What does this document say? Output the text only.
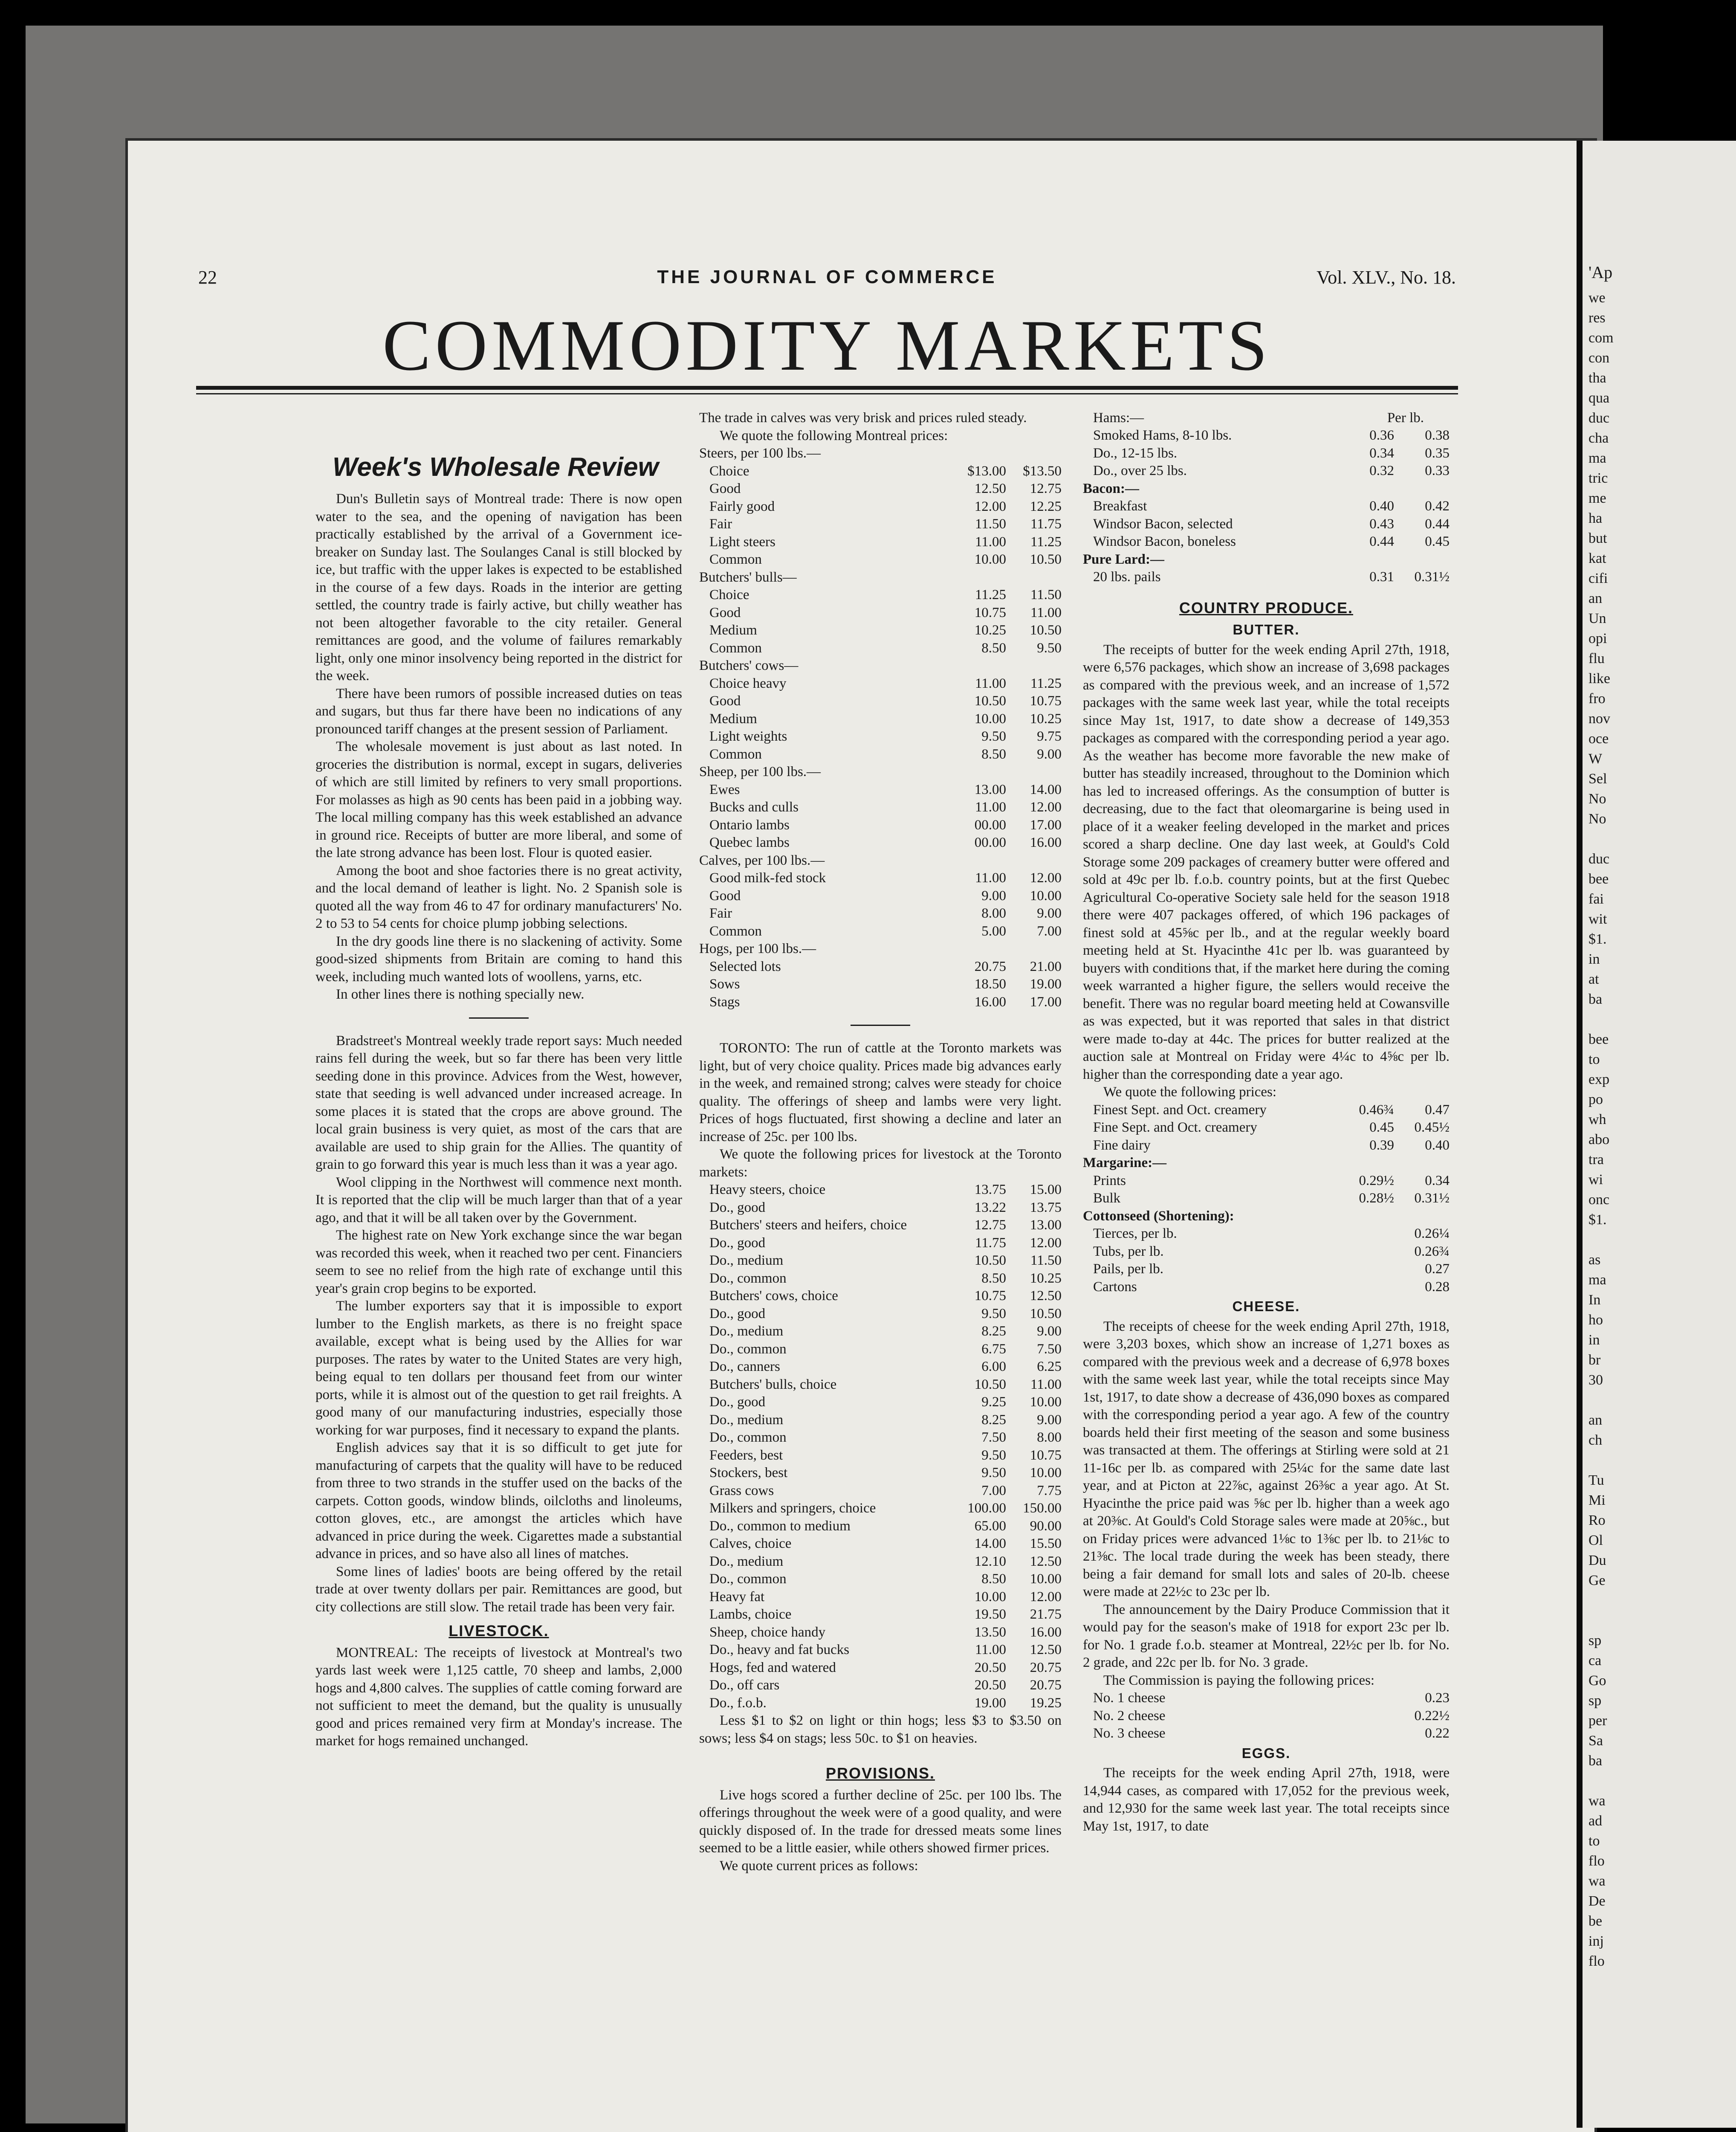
'Ap
we
res
com
con
tha
qua
duc
cha
ma
tric
me
ha
but
kat
cifi
an
Un
opi
flu
like
fro
nov
oce
W
Sel
No
No

duc
bee
fai
wit
$1.
in
at
ba

bee
to
exp
po
wh
abo
tra
wi
onc
$1.

as
ma
In
ho
in
br
30

an
ch

Tu
Mi
Ro
Ol
Du
Ge

sp
ca
Go
sp
per
Sa
ba

wa
ad
to
flo
wa
De
be
inj
flo
22	THE JOURNAL OF COMMERCE	Vol. XLV., No. 18.
COMMODITY MARKETS
Week's Wholesale Review

Dun's Bulletin says of Montreal trade: There is now open water to the sea, and the opening of navigation has been practically established by the arrival of a Government ice-breaker on Sunday last. The Soulanges Canal is still blocked by ice, but traffic with the upper lakes is expected to be established in the course of a few days. Roads in the interior are getting settled, the country trade is fairly active, but chilly weather has not been altogether favorable to the city retailer. General remittances are good, and the volume of failures remarkably light, only one minor insolvency being reported in the district for the week.

There have been rumors of possible increased duties on teas and sugars, but thus far there have been no indications of any pronounced tariff changes at the present session of Parliament.

The wholesale movement is just about as last noted. In groceries the distribution is normal, except in sugars, deliveries of which are still limited by refiners to very small proportions. For molasses as high as 90 cents has been paid in a jobbing way. The local milling company has this week established an advance in ground rice. Receipts of butter are more liberal, and some of the late strong advance has been lost. Flour is quoted easier.

Among the boot and shoe factories there is no great activity, and the local demand of leather is light. No. 2 Spanish sole is quoted all the way from 46 to 47 for ordinary manufacturers' No. 2 to 53 to 54 cents for choice plump jobbing selections.

In the dry goods line there is no slackening of activity. Some good-sized shipments from Britain are coming to hand this week, including much wanted lots of woollens, yarns, etc.

In other lines there is nothing specially new.

Bradstreet's Montreal weekly trade report says: Much needed rains fell during the week, but so far there has been very little seeding done in this province. Advices from the West, however, state that seeding is well advanced under increased acreage. In some places it is stated that the crops are above ground. The local grain business is very quiet, as most of the cars that are available are used to ship grain for the Allies. The quantity of grain to go forward this year is much less than it was a year ago.

Wool clipping in the Northwest will commence next month. It is reported that the clip will be much larger than that of a year ago, and that it will be all taken over by the Government.

The highest rate on New York exchange since the war began was recorded this week, when it reached two per cent. Financiers seem to see no relief from the high rate of exchange until this year's grain crop begins to be exported.

The lumber exporters say that it is impossible to export lumber to the English markets, as there is no freight space available, except what is being used by the Allies for war purposes. The rates by water to the United States are very high, being equal to ten dollars per thousand feet from our winter ports, while it is almost out of the question to get rail freights. A good many of our manufacturing industries, especially those working for war purposes, find it necessary to expand the plants.

English advices say that it is so difficult to get jute for manufacturing of carpets that the quality will have to be reduced from three to two strands in the stuffer used on the backs of the carpets. Cotton goods, window blinds, oilcloths and linoleums, cotton gloves, etc., are amongst the articles which have advanced in price during the week. Cigarettes made a substantial advance in prices, and so have also all lines of matches.

Some lines of ladies' boots are being offered by the retail trade at over twenty dollars per pair. Remittances are good, but city collections are still slow. The retail trade has been very fair.

LIVESTOCK.

MONTREAL: The receipts of livestock at Montreal's two yards last week were 1,125 cattle, 70 sheep and lambs, 2,000 hogs and 4,800 calves. The supplies of cattle coming forward are not sufficient to meet the demand, but the quality is unusually good and prices remained very firm at Monday's increase. The market for hogs remained unchanged.

The trade in calves was very brisk and prices ruled steady.

We quote the following Montreal prices:

Steers, per 100 lbs.—		
Choice	$13.00	$13.50
Good	12.50	12.75
Fairly good	12.00	12.25
Fair	11.50	11.75
Light steers	11.00	11.25
Common	10.00	10.50
Butchers' bulls—		
Choice	11.25	11.50
Good	10.75	11.00
Medium	10.25	10.50
Common	8.50	9.50
Butchers' cows—		
Choice heavy	11.00	11.25
Good	10.50	10.75
Medium	10.00	10.25
Light weights	9.50	9.75
Common	8.50	9.00
Sheep, per 100 lbs.—		
Ewes	13.00	14.00
Bucks and culls	11.00	12.00
Ontario lambs	00.00	17.00
Quebec lambs	00.00	16.00
Calves, per 100 lbs.—		
Good milk-fed stock	11.00	12.00
Good	9.00	10.00
Fair	8.00	9.00
Common	5.00	7.00
Hogs, per 100 lbs.—		
Selected lots	20.75	21.00
Sows	18.50	19.00
Stags	16.00	17.00

TORONTO: The run of cattle at the Toronto markets was light, but of very choice quality. Prices made big advances early in the week, and remained strong; calves were steady for choice quality. The offerings of sheep and lambs were very light. Prices of hogs fluctuated, first showing a decline and later an increase of 25c. per 100 lbs.

We quote the following prices for livestock at the Toronto markets:

Heavy steers, choice	13.75	15.00
Do., good	13.22	13.75
Butchers' steers and heifers, choice	12.75	13.00
Do., good	11.75	12.00
Do., medium	10.50	11.50
Do., common	8.50	10.25
Butchers' cows, choice	10.75	12.50
Do., good	9.50	10.50
Do., medium	8.25	9.00
Do., common	6.75	7.50
Do., canners	6.00	6.25
Butchers' bulls, choice	10.50	11.00
Do., good	9.25	10.00
Do., medium	8.25	9.00
Do., common	7.50	8.00
Feeders, best	9.50	10.75
Stockers, best	9.50	10.00
Grass cows	7.00	7.75
Milkers and springers, choice	100.00	150.00
Do., common to medium	65.00	90.00
Calves, choice	14.00	15.50
Do., medium	12.10	12.50
Do., common	8.50	10.00
Heavy fat	10.00	12.00
Lambs, choice	19.50	21.75
Sheep, choice handy	13.50	16.00
Do., heavy and fat bucks	11.00	12.50
Hogs, fed and watered	20.50	20.75
Do., off cars	20.50	20.75
Do., f.o.b.	19.00	19.25

Less $1 to $2 on light or thin hogs; less $3 to $3.50 on sows; less $4 on stags; less 50c. to $1 on heavies.

PROVISIONS.

Live hogs scored a further decline of 25c. per 100 lbs. The offerings throughout the week were of a good quality, and were quickly disposed of. In the trade for dressed meats some lines seemed to be a little easier, while others showed firmer prices.

We quote current prices as follows:

Hams:—	Per lb.
Smoked Hams, 8-10 lbs.	0.36	0.38
Do., 12-15 lbs.	0.34	0.35
Do., over 25 lbs.	0.32	0.33
Bacon:—		
Breakfast	0.40	0.42
Windsor Bacon, selected	0.43	0.44
Windsor Bacon, boneless	0.44	0.45
Pure Lard:—		
20 lbs. pails	0.31	0.31½
COUNTRY PRODUCE.
BUTTER.

The receipts of butter for the week ending April 27th, 1918, were 6,576 packages, which show an increase of 3,698 packages as compared with the previous week, and an increase of 1,572 packages with the same week last year, while the total receipts since May 1st, 1917, to date show a decrease of 149,353 packages as compared with the corresponding period a year ago. As the weather has become more favorable the new make of butter has steadily increased, throughout to the Dominion which has led to increased offerings. As the consumption of butter is decreasing, due to the fact that oleomargarine is being used in place of it a weaker feeling developed in the market and prices scored a sharp decline. One day last week, at Gould's Cold Storage some 209 packages of creamery butter were offered and sold at 49c per lb. f.o.b. country points, but at the first Quebec Agricultural Co-operative Society sale held for the season 1918 there were 407 packages offered, of which 196 packages of finest sold at 45⅝c per lb., and at the regular weekly board meeting held at St. Hyacinthe 41c per lb. was guaranteed by buyers with conditions that, if the market here during the coming week warranted a higher figure, the sellers would receive the benefit. There was no regular board meeting held at Cowansville as was expected, but it was reported that sales in that district were made to-day at 44c. The prices for butter realized at the auction sale at Montreal on Friday were 4¼c to 4⅝c per lb. higher than the corresponding date a year ago.

We quote the following prices:

Finest Sept. and Oct. creamery	0.46¾	0.47
Fine Sept. and Oct. creamery	0.45	0.45½
Fine dairy	0.39	0.40
Margarine:—		
Prints	0.29½	0.34
Bulk	0.28½	0.31½
Cottonseed (Shortening):		
Tierces, per lb.		0.26¼
Tubs, per lb.		0.26¾
Pails, per lb.		0.27
Cartons		0.28
CHEESE.

The receipts of cheese for the week ending April 27th, 1918, were 3,203 boxes, which show an increase of 1,271 boxes as compared with the previous week and a decrease of 6,978 boxes with the same week last year, while the total receipts since May 1st, 1917, to date show a decrease of 436,090 boxes as compared with the corresponding period a year ago. A few of the country boards held their first meeting of the season and some business was transacted at them. The offerings at Stirling were sold at 21 11-16c per lb. as compared with 25¼c for the same date last year, and at Picton at 22⅞c, against 26⅜c a year ago. At St. Hyacinthe the price paid was ⅝c per lb. higher than a week ago at 20⅜c. At Gould's Cold Storage sales were made at 20⅝c., but on Friday prices were advanced 1⅛c to 1⅜c per lb. to 21⅛c to 21⅜c. The local trade during the week has been steady, there being a fair demand for small lots and sales of 20-lb. cheese were made at 22½c to 23c per lb.

The announcement by the Dairy Produce Commission that it would pay for the season's make of 1918 for export 23c per lb. for No. 1 grade f.o.b. steamer at Montreal, 22½c per lb. for No. 2 grade, and 22c per lb. for No. 3 grade.

The Commission is paying the following prices:

No. 1 cheese	0.23
No. 2 cheese	0.22½
No. 3 cheese	0.22
EGGS.

The receipts for the week ending April 27th, 1918, were 14,944 cases, as compared with 17,052 for the previous week, and 12,930 for the same week last year. The total receipts since May 1st, 1917, to date
